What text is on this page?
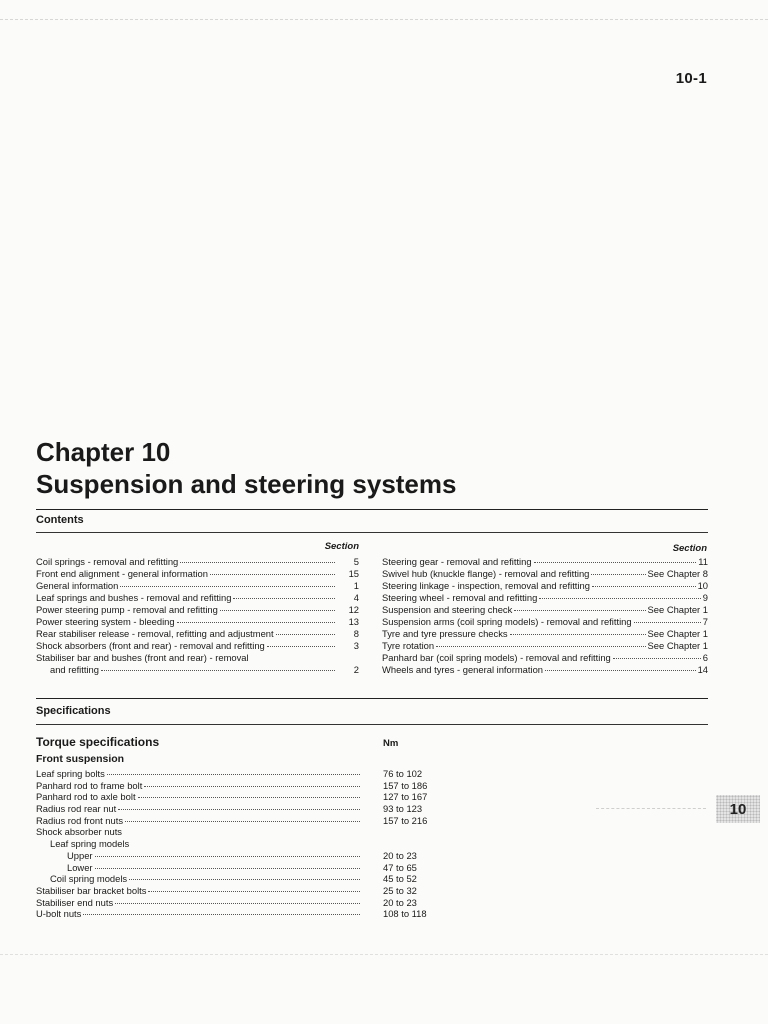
10-1
Chapter 10
Suspension and steering systems
Contents
Section	Section
Coil springs - removal and refitting	5
Front end alignment - general information	15
General information	1
Leaf springs and bushes - removal and refitting	4
Power steering pump - removal and refitting	12
Power steering system - bleeding	13
Rear stabiliser release - removal, refitting and adjustment	8
Shock absorbers (front and rear) - removal and refitting	3
Stabiliser bar and bushes (front and rear) - removal
and refitting	2
Steering gear - removal and refitting	11
Swivel hub (knuckle flange) - removal and refitting	See Chapter 8
Steering linkage - inspection, removal and refitting	10
Steering wheel - removal and refitting	9
Suspension and steering check	See Chapter 1
Suspension arms (coil spring models) - removal and refitting	7
Tyre and tyre pressure checks	See Chapter 1
Tyre rotation	See Chapter 1
Panhard bar (coil spring models) - removal and refitting	6
Wheels and tyres - general information	14
Specifications
Torque specifications	Nm
Front suspension
Leaf spring bolts	76 to 102
Panhard rod to frame bolt	157 to 186
Panhard rod to axle bolt	127 to 167
Radius rod rear nut	93 to 123
Radius rod front nuts	157 to 216
Shock absorber nuts
Leaf spring models
Upper	20 to 23
Lower	47 to 65
Coil spring models	45 to 52
Stabiliser bar bracket bolts	25 to 32
Stabiliser end nuts	20 to 23
U-bolt nuts	108 to 118
10
